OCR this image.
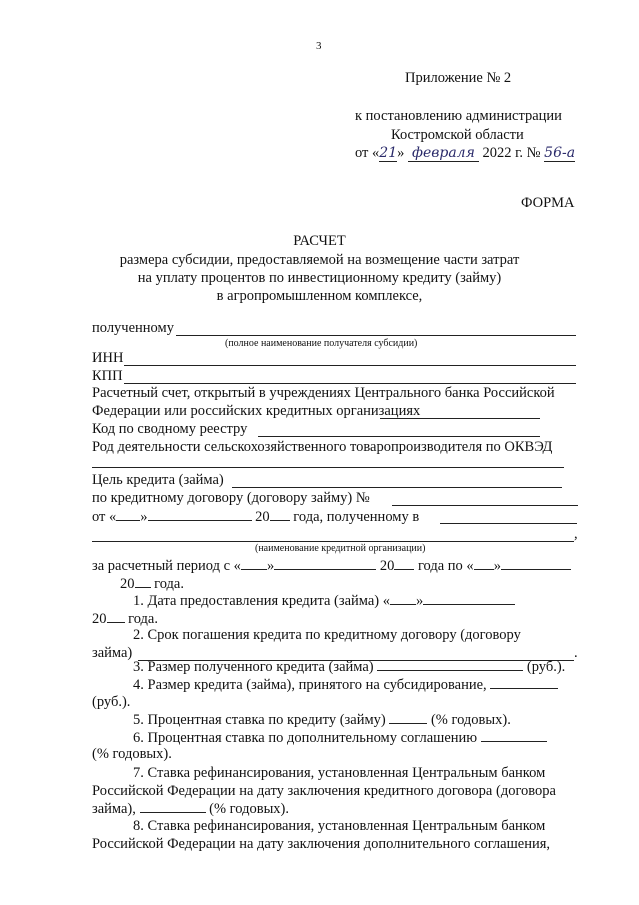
3
Приложение № 2
к постановлению администрации
Костромской области
от «21» февраля 2022 г. № 56-а
ФОРМА
РАСЧЕТ
размера субсидии, предоставляемой на возмещение части затрат
на уплату процентов по инвестиционному кредиту (займу)
в агропромышленном комплексе,
полученному
(полное наименование получателя субсидии)
ИНН
КПП
Расчетный счет, открытый в учреждениях Центрального банка Российской
Федерации или российских кредитных организациях
Код по сводному реестру
Род деятельности сельскохозяйственного товаропроизводителя по ОКВЭД
Цель кредита (займа)
по кредитному договору (договору займу) №
от « »	20 года, полученному в
,
(наименование кредитной организации)
за расчетный период с « »	20 года по « »
20 года.
1. Дата предоставления кредита (займа) « »
20 года.
2. Срок погашения кредита по кредитному договору (договору
займа)	.
3. Размер полученного кредита (займа)	(руб.).
4. Размер кредита (займа), принятого на субсидирование,
(руб.).
5. Процентная ставка по кредиту (займу)	(% годовых).
6. Процентная ставка по дополнительному соглашению
(% годовых).
7. Ставка рефинансирования, установленная Центральным банком
Российской Федерации на дату заключения кредитного договора (договора
займа),	(% годовых).
8. Ставка рефинансирования, установленная Центральным банком
Российской Федерации на дату заключения дополнительного соглашения,
